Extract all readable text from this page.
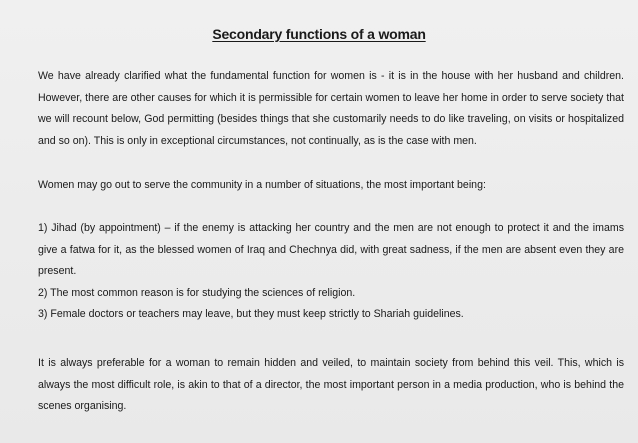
Secondary functions of a woman

We have already clarified what the fundamental function for women is - it is in the house with her husband and children. However, there are other causes for which it is permissible for certain women to leave her home in order to serve society that we will recount below, God permitting (besides things that she customarily needs to do like traveling, on visits or hospitalized and so on). This is only in exceptional circumstances, not continually, as is the case with men.

Women may go out to serve the community in a number of situations, the most important being:

1) Jihad (by appointment) – if the enemy is attacking her country and the men are not enough to protect it and the imams give a fatwa for it, as the blessed women of Iraq and Chechnya did, with great sadness, if the men are absent even they are present.
2) The most common reason is for studying the sciences of religion.
3) Female doctors or teachers may leave, but they must keep strictly to Shariah guidelines.

It is always preferable for a woman to remain hidden and veiled, to maintain society from behind this veil. This, which is always the most difficult role, is akin to that of a director, the most important person in a media production, who is behind the scenes organising.
